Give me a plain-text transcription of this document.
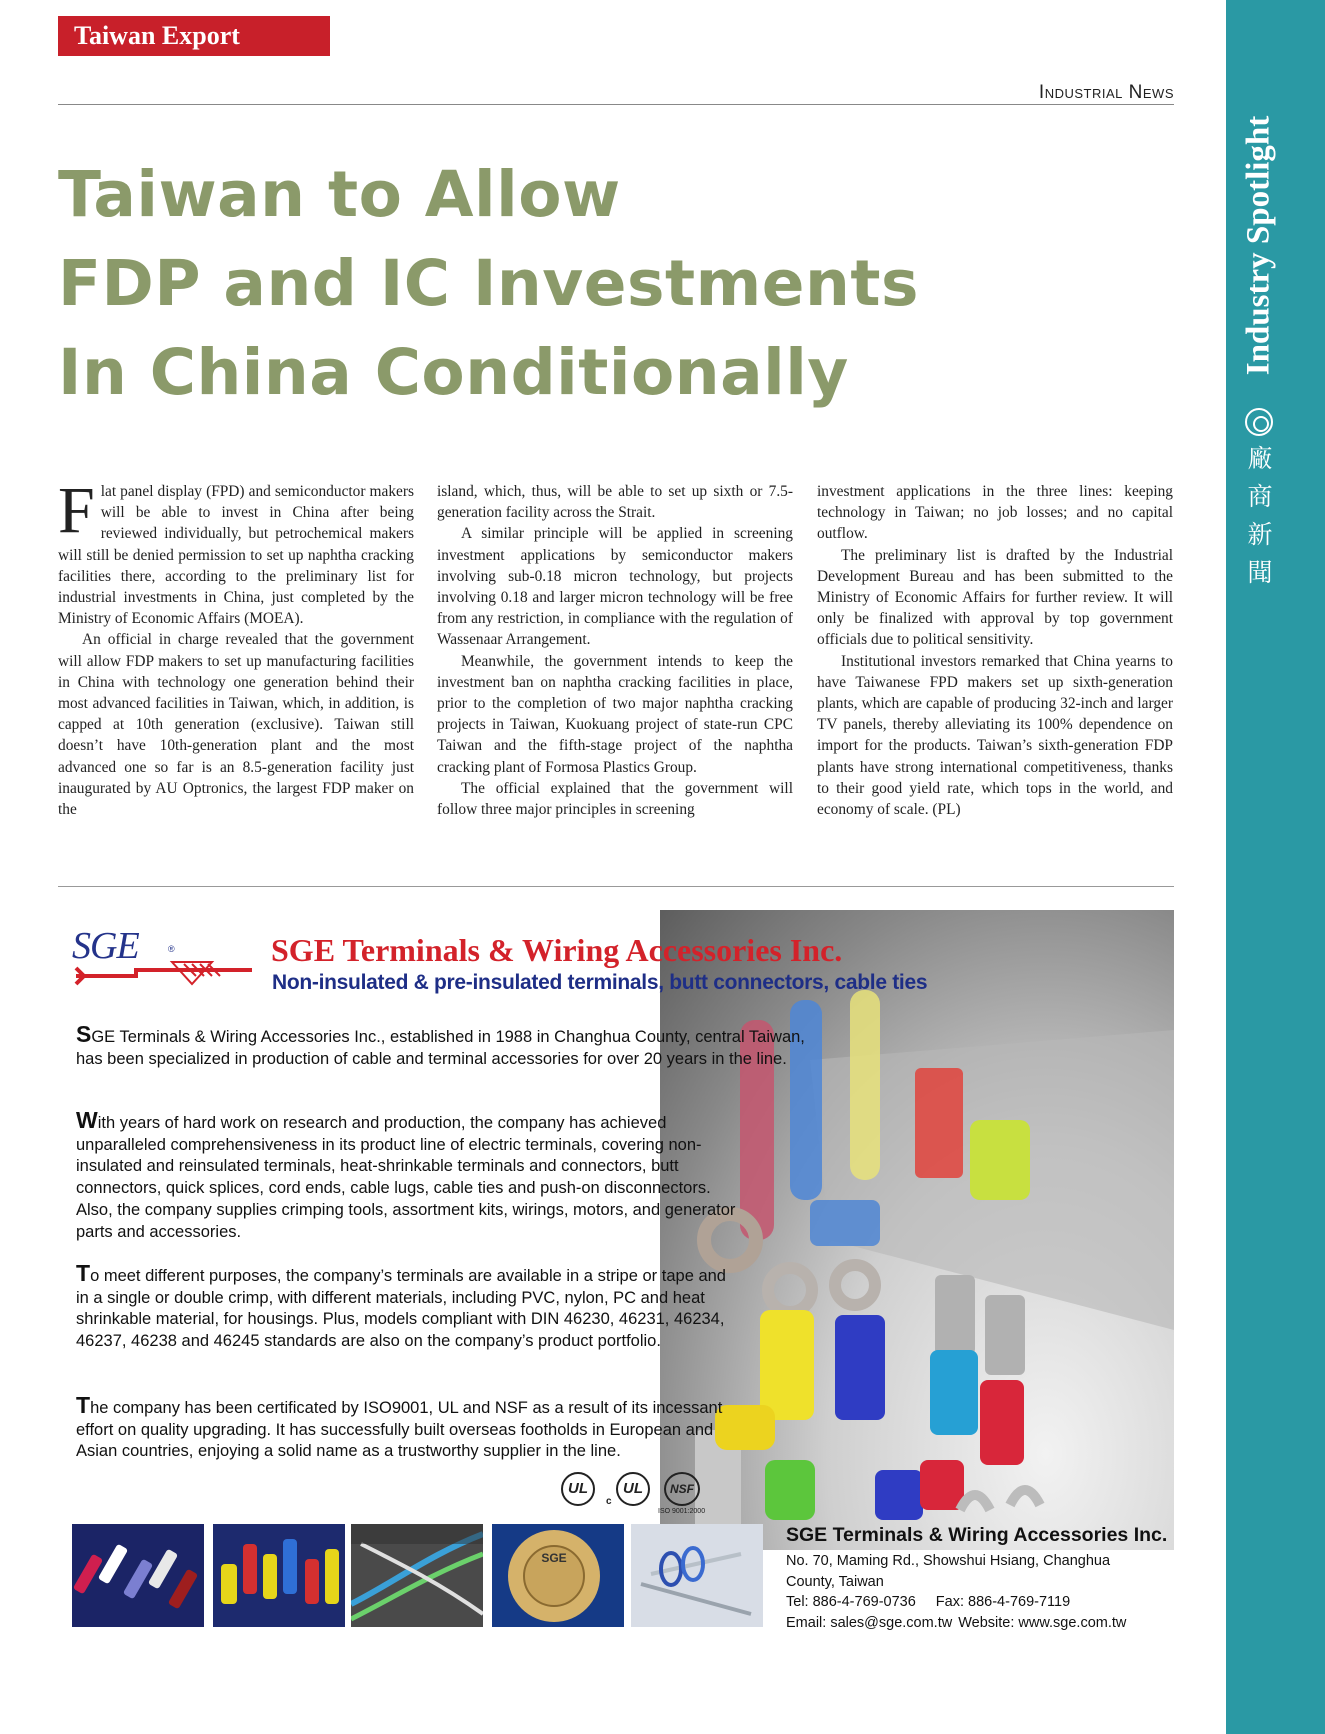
Taiwan Export Express
Industry Spotlight
廠商新聞
Industrial News
Taiwan to Allow
FDP and IC Investments
In China Conditionally

Flat panel display (FPD) and semiconductor makers will be able to invest in China after being reviewed individually, but petrochemical makers will still be denied permission to set up naphtha cracking facilities there, according to the preliminary list for industrial investments in China, just completed by the Ministry of Economic Affairs (MOEA).

An official in charge revealed that the government will allow FDP makers to set up manufacturing facilities in China with technology one generation behind their most advanced facilities in Taiwan, which, in addition, is capped at 10th generation (exclusive). Taiwan still doesn’t have 10th-generation plant and the most advanced one so far is an 8.5-generation facility just inaugurated by AU Optronics, the largest FDP maker on the

island, which, thus, will be able to set up sixth or 7.5-generation facility across the Strait.

A similar principle will be applied in screening investment applications by semiconductor makers involving sub-0.18 micron technology, but projects involving 0.18 and larger micron technology will be free from any restriction, in compliance with the regulation of Wassenaar Arrangement.

Meanwhile, the government intends to keep the investment ban on naphtha cracking facilities in place, prior to the completion of two major naphtha cracking projects in Taiwan, Kuokuang project of state-run CPC Taiwan and the fifth-stage project of the naphtha cracking plant of Formosa Plastics Group.

The official explained that the government will follow three major principles in screening

investment applications in the three lines: keeping technology in Taiwan; no job losses; and no capital outflow.

The preliminary list is drafted by the Industrial Development Bureau and has been submitted to the Ministry of Economic Affairs for further review. It will only be finalized with approval by top government officials due to political sensitivity.

Institutional investors remarked that China yearns to have Taiwanese FPD makers set up sixth-generation plants, which are capable of producing 32-inch and larger TV panels, thereby alleviating its 100% dependence on import for the products. Taiwan’s sixth-generation FDP plants have strong international competitiveness, thanks to their good yield rate, which tops in the world, and economy of scale. (PL)

SGE	®	SGE Terminals & Wiring Accessories Inc.
Non-insulated & pre-insulated terminals, butt connectors, cable ties
SGE Terminals & Wiring Accessories Inc., established in 1988 in Changhua County, central Taiwan, has been specialized in production of cable and terminal accessories for over 20 years in the line.
With years of hard work on research and production, the company has achieved unparalleled comprehensiveness in its product line of electric terminals, covering non-insulated and reinsulated terminals, heat-shrinkable terminals and connectors, butt connectors, quick splices, cord ends, cable lugs, cable ties and push-on disconnectors. Also, the company supplies crimping tools, assortment kits, wirings, motors, and generator parts and accessories.
To meet different purposes, the company’s terminals are available in a stripe or tape and in a single or double crimp, with different materials, including PVC, nylon, PC and heat shrinkable material, for housings. Plus, models compliant with DIN 46230, 46231, 46234, 46237, 46238 and 46245 standards are also on the company’s product portfolio.
The company has been certificated by ISO9001, UL and NSF as a result of its incessant effort on quality upgrading. It has successfully built overseas footholds in European and Asian countries, enjoying a solid name as a trustworthy supplier in the line.
UL
c
UL	NSF
ISO 9001:2000
SGE
SGE Terminals & Wiring Accessories Inc.
No. 70, Maming Rd., Showshui Hsiang, Changhua
County, Taiwan
Tel: 886-4-769-0736 Fax: 886-4-769-7119
Email: sales@sge.com.tw Website: www.sge.com.tw
